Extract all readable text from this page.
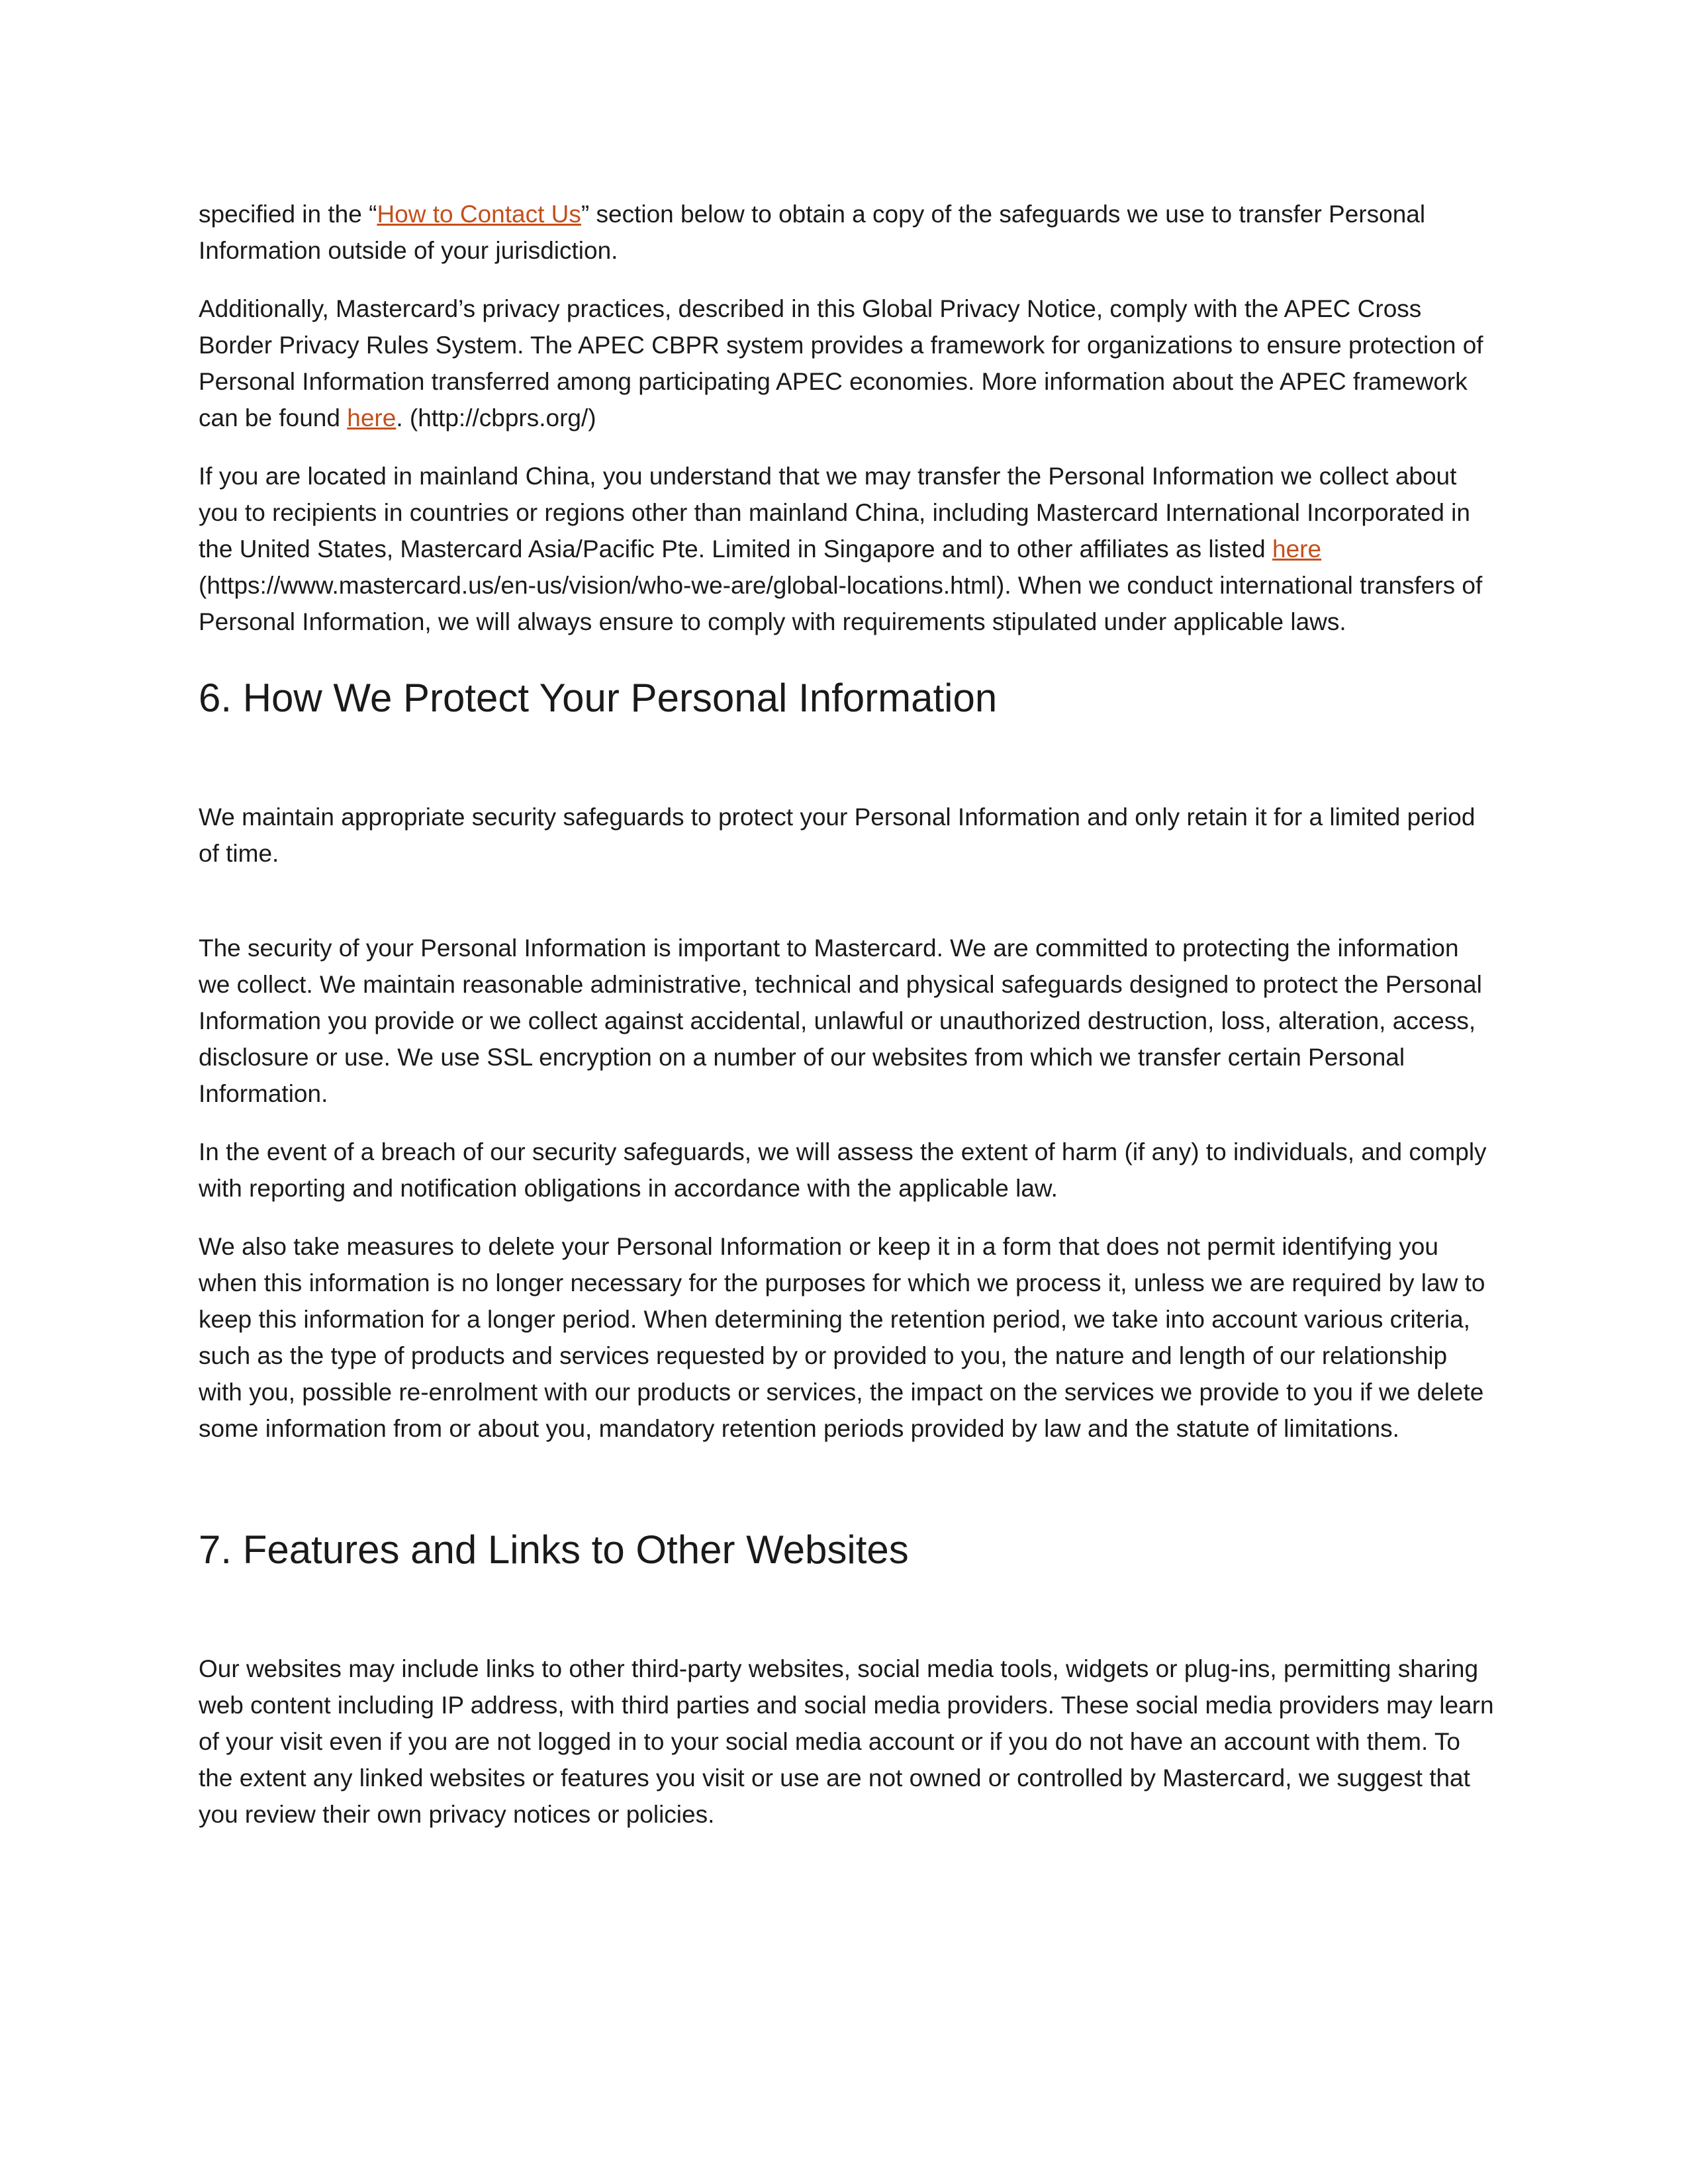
specified in the “How to Contact Us” section below to obtain a copy of the safeguards we use to transfer Personal Information outside of your jurisdiction.

Additionally, Mastercard’s privacy practices, described in this Global Privacy Notice, comply with the APEC Cross Border Privacy Rules System. The APEC CBPR system provides a framework for organizations to ensure protection of Personal Information transferred among participating APEC economies. More information about the APEC framework can be found here. (http://cbprs.org/)

If you are located in mainland China, you understand that we may transfer the Personal Information we collect about you to recipients in countries or regions other than mainland China, including Mastercard International Incorporated in the United States, Mastercard Asia/Pacific Pte. Limited in Singapore and to other affiliates as listed here (https://www.mastercard.us/en-us/vision/who-we-are/global-locations.html). When we conduct international transfers of Personal Information, we will always ensure to comply with requirements stipulated under applicable laws.

6. How We Protect Your Personal Information

We maintain appropriate security safeguards to protect your Personal Information and only retain it for a limited period of time.

The security of your Personal Information is important to Mastercard. We are committed to protecting the information we collect. We maintain reasonable administrative, technical and physical safeguards designed to protect the Personal Information you provide or we collect against accidental, unlawful or unauthorized destruction, loss, alteration, access, disclosure or use. We use SSL encryption on a number of our websites from which we transfer certain Personal Information.

In the event of a breach of our security safeguards, we will assess the extent of harm (if any) to individuals, and comply with reporting and notification obligations in accordance with the applicable law.

We also take measures to delete your Personal Information or keep it in a form that does not permit identifying you when this information is no longer necessary for the purposes for which we process it, unless we are required by law to keep this information for a longer period. When determining the retention period, we take into account various criteria, such as the type of products and services requested by or provided to you, the nature and length of our relationship with you, possible re-enrolment with our products or services, the impact on the services we provide to you if we delete some information from or about you, mandatory retention periods provided by law and the statute of limitations.

7. Features and Links to Other Websites

Our websites may include links to other third-party websites, social media tools, widgets or plug-ins, permitting sharing web content including IP address, with third parties and social media providers. These social media providers may learn of your visit even if you are not logged in to your social media account or if you do not have an account with them. To the extent any linked websites or features you visit or use are not owned or controlled by Mastercard, we suggest that you review their own privacy notices or policies.
